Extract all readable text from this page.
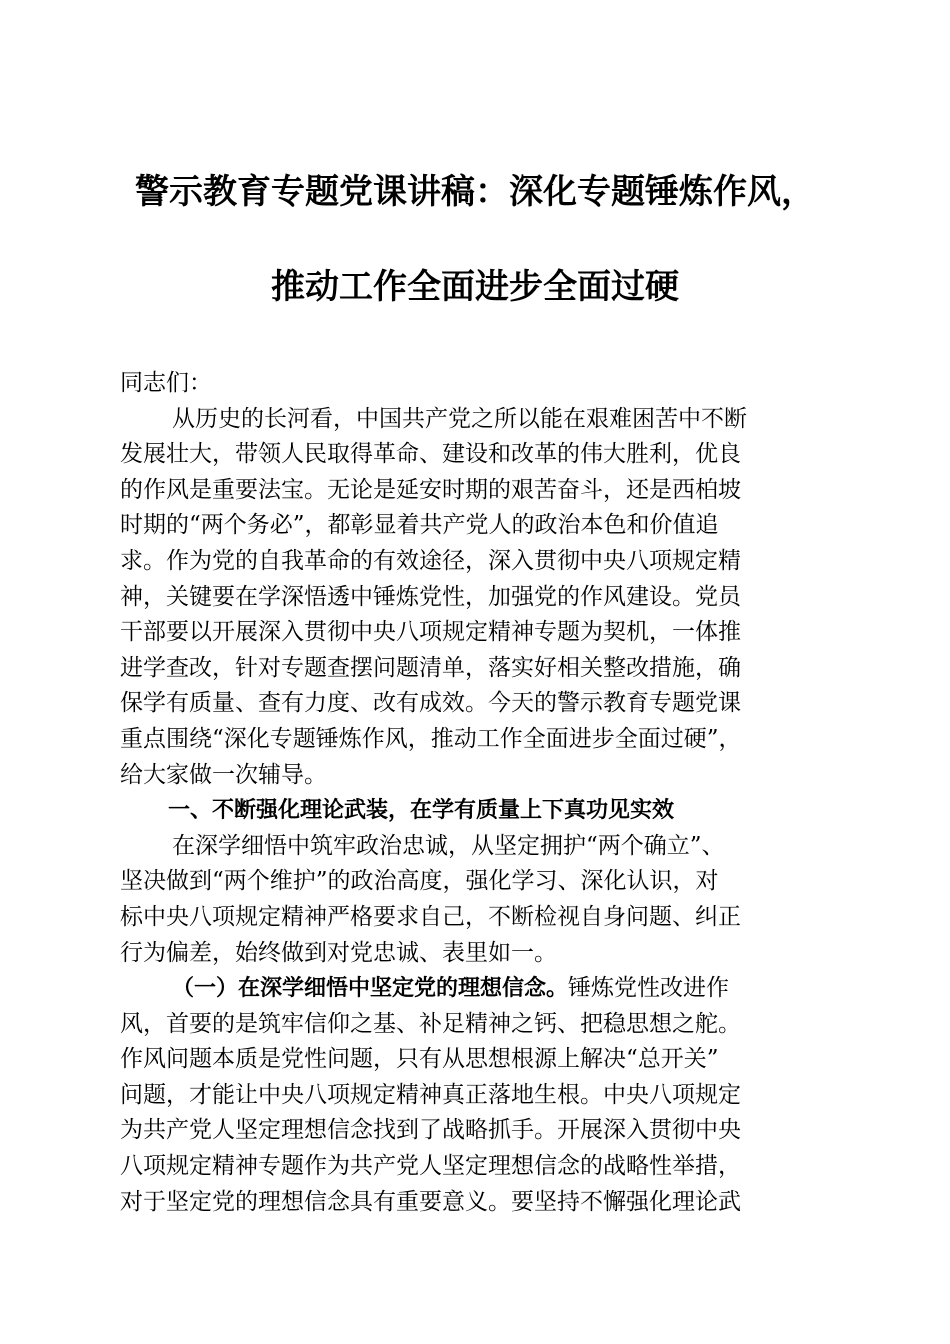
警示教育专题党课讲稿：深化专题锤炼作风，
推动工作全面进步全面过硬
同志们：
从历史的长河看，中国共产党之所以能在艰难困苦中不断
发展壮大，带领人民取得革命、建设和改革的伟大胜利，优良
的作风是重要法宝。无论是延安时期的艰苦奋斗，还是西柏坡
时期的“两个务必”，都彰显着共产党人的政治本色和价值追
求。作为党的自我革命的有效途径，深入贯彻中央八项规定精
神，关键要在学深悟透中锤炼党性，加强党的作风建设。党员
干部要以开展深入贯彻中央八项规定精神专题为契机，一体推
进学查改，针对专题查摆问题清单，落实好相关整改措施，确
保学有质量、查有力度、改有成效。今天的警示教育专题党课
重点围绕“深化专题锤炼作风，推动工作全面进步全面过硬”，
给大家做一次辅导。
一、不断强化理论武装，在学有质量上下真功见实效
在深学细悟中筑牢政治忠诚，从坚定拥护“两个确立”、
坚决做到“两个维护”的政治高度，强化学习、深化认识，对
标中央八项规定精神严格要求自己，不断检视自身问题、纠正
行为偏差，始终做到对党忠诚、表里如一。
（一）在深学细悟中坚定党的理想信念。锤炼党性改进作
风，首要的是筑牢信仰之基、补足精神之钙、把稳思想之舵。
作风问题本质是党性问题，只有从思想根源上解决“总开关”
问题，才能让中央八项规定精神真正落地生根。中央八项规定
为共产党人坚定理想信念找到了战略抓手。开展深入贯彻中央
八项规定精神专题作为共产党人坚定理想信念的战略性举措，
对于坚定党的理想信念具有重要意义。要坚持不懈强化理论武
